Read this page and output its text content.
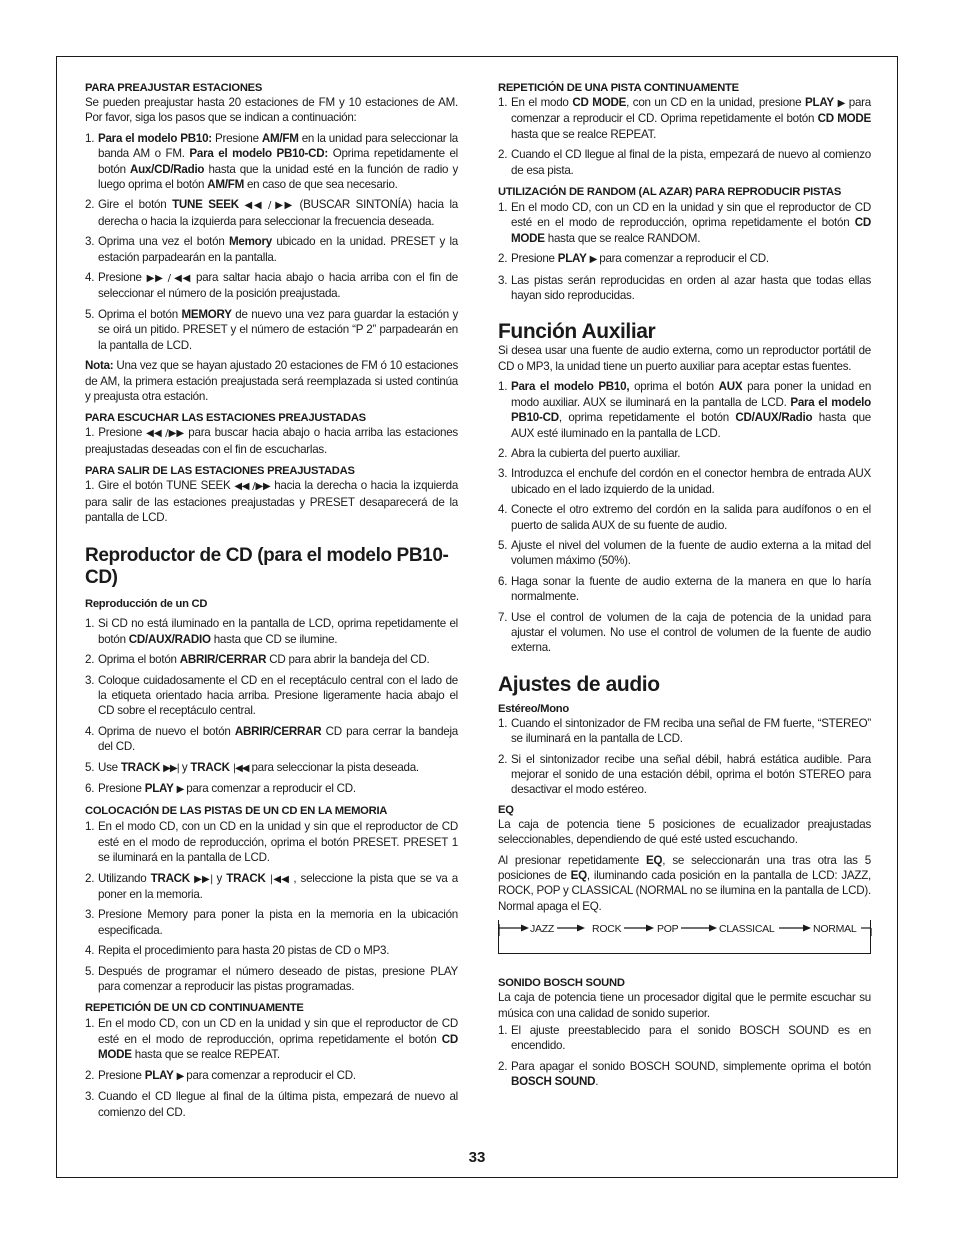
PARA PREAJUSTAR ESTACIONES

Se pueden preajustar hasta 20 estaciones de FM y 10 estaciones de AM. Por favor, siga los pasos que se indican a continuación:

1. Para el modelo PB10: Presione AM/FM en la unidad para seleccionar la banda AM o FM. Para el modelo PB10-CD: Oprima repetidamente el botón Aux/CD/Radio hasta que la unidad esté en la función de radio y luego oprima el botón AM/FM en caso de que sea necesario.
2. Gire el botón TUNE SEEK ◀◀ / ▶▶ (BUSCAR SINTONÍA) hacia la derecha o hacia la izquierda para seleccionar la frecuencia deseada.
3. Oprima una vez el botón Memory ubicado en la unidad. PRESET y la estación parpadearán en la pantalla.
4. Presione ▶▶ / ◀◀ para saltar hacia abajo o hacia arriba con el fin de seleccionar el número de la posición preajustada.
5. Oprima el botón MEMORY de nuevo una vez para guardar la estación y se oirá un pitido. PRESET y el número de estación “P 2” parpadearán en la pantalla de LCD.

Nota: Una vez que se hayan ajustado 20 estaciones de FM ó 10 estaciones de AM, la primera estación preajustada será reemplazada si usted continúa y preajusta otra estación.

PARA ESCUCHAR LAS ESTACIONES PREAJUSTADAS

1. Presione ◀◀ /▶▶ para buscar hacia abajo o hacia arriba las estaciones preajustadas deseadas con el fin de escucharlas.

PARA SALIR DE LAS ESTACIONES PREAJUSTADAS

1. Gire el botón TUNE SEEK ◀◀ /▶▶ hacia la derecha o hacia la izquierda para salir de las estaciones preajustadas y PRESET desaparecerá de la pantalla de LCD.

Reproductor de CD (para el modelo PB10-CD)
Reproducción de un CD
1. Si CD no está iluminado en la pantalla de LCD, oprima repetidamente el botón CD/AUX/RADIO hasta que CD se ilumine.
2. Oprima el botón ABRIR/CERRAR CD para abrir la bandeja del CD.
3. Coloque cuidadosamente el CD en el receptáculo central con el lado de la etiqueta orientado hacia arriba. Presione ligeramente hacia abajo el CD sobre el receptáculo central.
4. Oprima de nuevo el botón ABRIR/CERRAR CD para cerrar la bandeja del CD.
5. Use TRACK ▶▶| y TRACK |◀◀ para seleccionar la pista deseada.
6. Presione PLAY ▶ para comenzar a reproducir el CD.
COLOCACIÓN DE LAS PISTAS DE UN CD EN LA MEMORIA
1. En el modo CD, con un CD en la unidad y sin que el reproductor de CD esté en el modo de reproducción, oprima el botón PRESET. PRESET 1 se iluminará en la pantalla de LCD.
2. Utilizando TRACK ▶▶| y TRACK |◀◀ , seleccione la pista que se va a poner en la memoria.
3. Presione Memory para poner la pista en la memoria en la ubicación especificada.
4. Repita el procedimiento para hasta 20 pistas de CD o MP3.
5. Después de programar el número deseado de pistas, presione PLAY para comenzar a reproducir las pistas programadas.
REPETICIÓN DE UN CD CONTINUAMENTE
1. En el modo CD, con un CD en la unidad y sin que el reproductor de CD esté en el modo de reproducción, oprima repetidamente el botón CD MODE hasta que se realce REPEAT.
2. Presione PLAY ▶ para comenzar a reproducir el CD.
3. Cuando el CD llegue al final de la última pista, empezará de nuevo al comienzo del CD.
REPETICIÓN DE UNA PISTA CONTINUAMENTE
1. En el modo CD MODE, con un CD en la unidad, presione PLAY ▶ para comenzar a reproducir el CD. Oprima repetidamente el botón CD MODE hasta que se realce REPEAT.
2. Cuando el CD llegue al final de la pista, empezará de nuevo al comienzo de esa pista.
UTILIZACIÓN DE RANDOM (AL AZAR) PARA REPRODUCIR PISTAS
1. En el modo CD, con un CD en la unidad y sin que el reproductor de CD esté en el modo de reproducción, oprima repetidamente el botón CD MODE hasta que se realce RANDOM.
2. Presione PLAY ▶ para comenzar a reproducir el CD.
3. Las pistas serán reproducidas en orden al azar hasta que todas ellas hayan sido reproducidas.
Función Auxiliar

Si desea usar una fuente de audio externa, como un reproductor portátil de CD o MP3, la unidad tiene un puerto auxiliar para aceptar estas fuentes.

1. Para el modelo PB10, oprima el botón AUX para poner la unidad en modo auxiliar. AUX se iluminará en la pantalla de LCD. Para el modelo PB10-CD, oprima repetidamente el botón CD/AUX/Radio hasta que AUX esté iluminado en la pantalla de LCD.
2. Abra la cubierta del puerto auxiliar.
3. Introduzca el enchufe del cordón en el conector hembra de entrada AUX ubicado en el lado izquierdo de la unidad.
4. Conecte el otro extremo del cordón en la salida para audífonos o en el puerto de salida AUX de su fuente de audio.
5. Ajuste el nivel del volumen de la fuente de audio externa a la mitad del volumen máximo (50%).
6. Haga sonar la fuente de audio externa de la manera en que lo haría normalmente.
7. Use el control de volumen de la caja de potencia de la unidad para ajustar el volumen. No use el control de volumen de la fuente de audio externa.
Ajustes de audio
Estéreo/Mono
1. Cuando el sintonizador de FM reciba una señal de FM fuerte, “STEREO” se iluminará en la pantalla de LCD.
2. Si el sintonizador recibe una señal débil, habrá estática audible. Para mejorar el sonido de una estación débil, oprima el botón STEREO para desactivar el modo estéreo.
EQ

La caja de potencia tiene 5 posiciones de ecualizador preajustadas seleccionables, dependiendo de qué esté usted escuchando.

Al presionar repetidamente EQ, se seleccionarán una tras otra las 5 posiciones de EQ, iluminando cada posición en la pantalla de LCD: JAZZ, ROCK, POP y CLASSICAL (NORMAL no se ilumina en la pantalla de LCD). Normal apaga el EQ.

JAZZ	ROCK	POP	CLASSICAL	NORMAL
SONIDO BOSCH SOUND

La caja de potencia tiene un procesador digital que le permite escuchar su música con una calidad de sonido superior.

1. El ajuste preestablecido para el sonido BOSCH SOUND es en encendido.
2. Para apagar el sonido BOSCH SOUND, simplemente oprima el botón BOSCH SOUND.
33
